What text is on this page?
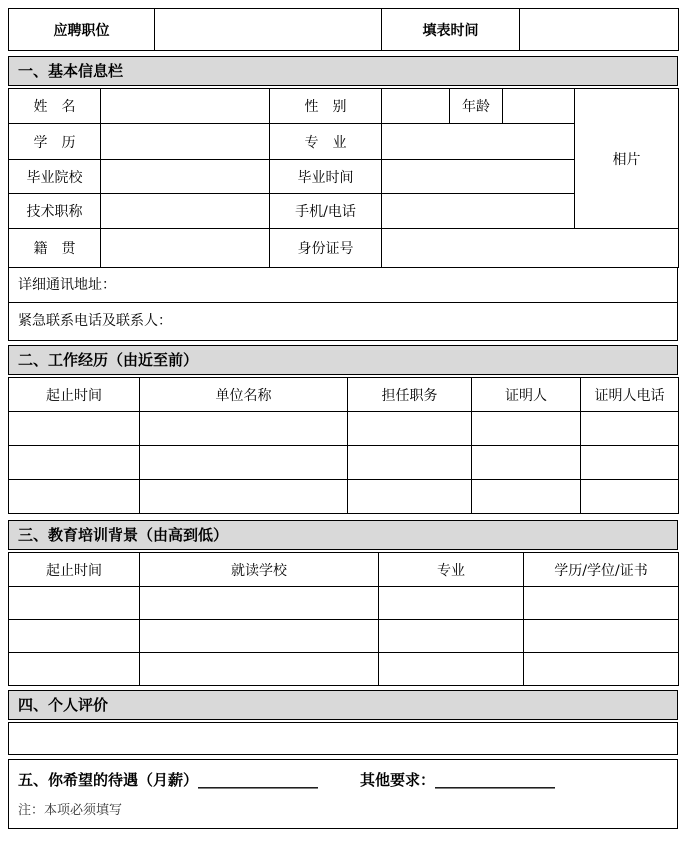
应聘职位		填表时间	
一、基本信息栏
姓　名		性　别		年龄		相片
学　历		专　业				
毕业院校		毕业时间				
技术职称		手机/电话				
籍　贯		身份证号	
详细通讯地址：
紧急联系电话及联系人：
二、工作经历（由近至前）
起止时间	单位名称	担任职务	证明人	证明人电话

三、教育培训背景（由高到低）
起止时间	就读学校	专业	学历/学位/证书

四、个人评价
五、你希望的待遇（月薪）________________	其他要求：________________
注：本项必须填写
